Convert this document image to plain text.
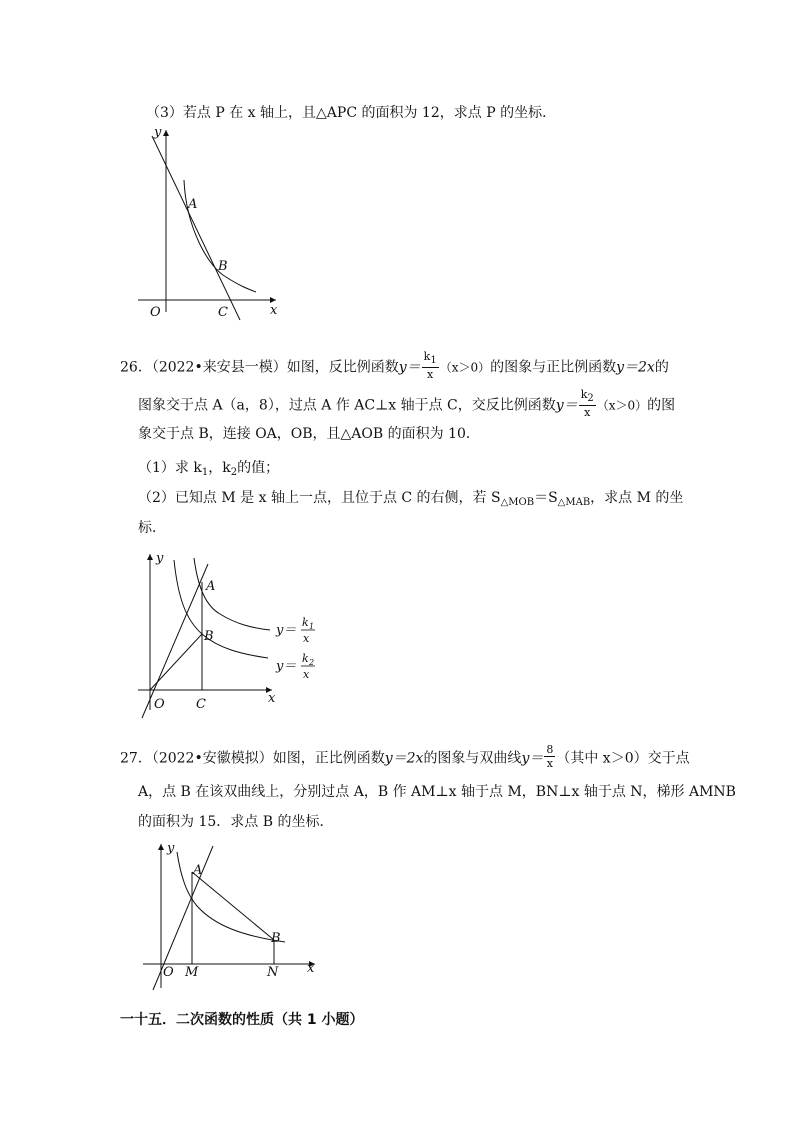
（3）若点 P 在 x 轴上，且△APC 的面积为 12，求点 P 的坐标．
y
x
O
A
B
C
26．（2022•来安县一模）如图，反比例函数$y= \frac{k1}{x} (x>0)$的图象与正比例函数y＝2x的
图象交于点 A（a，8），过点 A 作 AC⊥x 轴于点 C，交反比例函数$y= \frac{k2}{x} (x>0)$的图
象交于点 B，连接 OA，OB，且△AOB 的面积为 10．
（1）求 $k_1$，$k_2$的值；
（2）已知点 M 是 x 轴上一点，且位于点 C 的右侧，若 $S_{\triangle MOB}=S_{\triangle MAB}$，求点 M 的坐
标．
y
x
O
A
B
C
y＝
k 1
x
y＝
k 2
x
27．（2022•安徽模拟）如图，正比例函数y＝2x的图象与双曲线$y= \frac{8}{x}$ （其中 x＞0）交于点
A，点 B 在该双曲线上，分别过点 A，B 作 AM⊥x 轴于点 M，BN⊥x 轴于点 N，梯形 AMNB
的面积为 15．求点 B 的坐标．
y
x
O
A
B
M	N
一十五．二次函数的性质（共 1 小题）
